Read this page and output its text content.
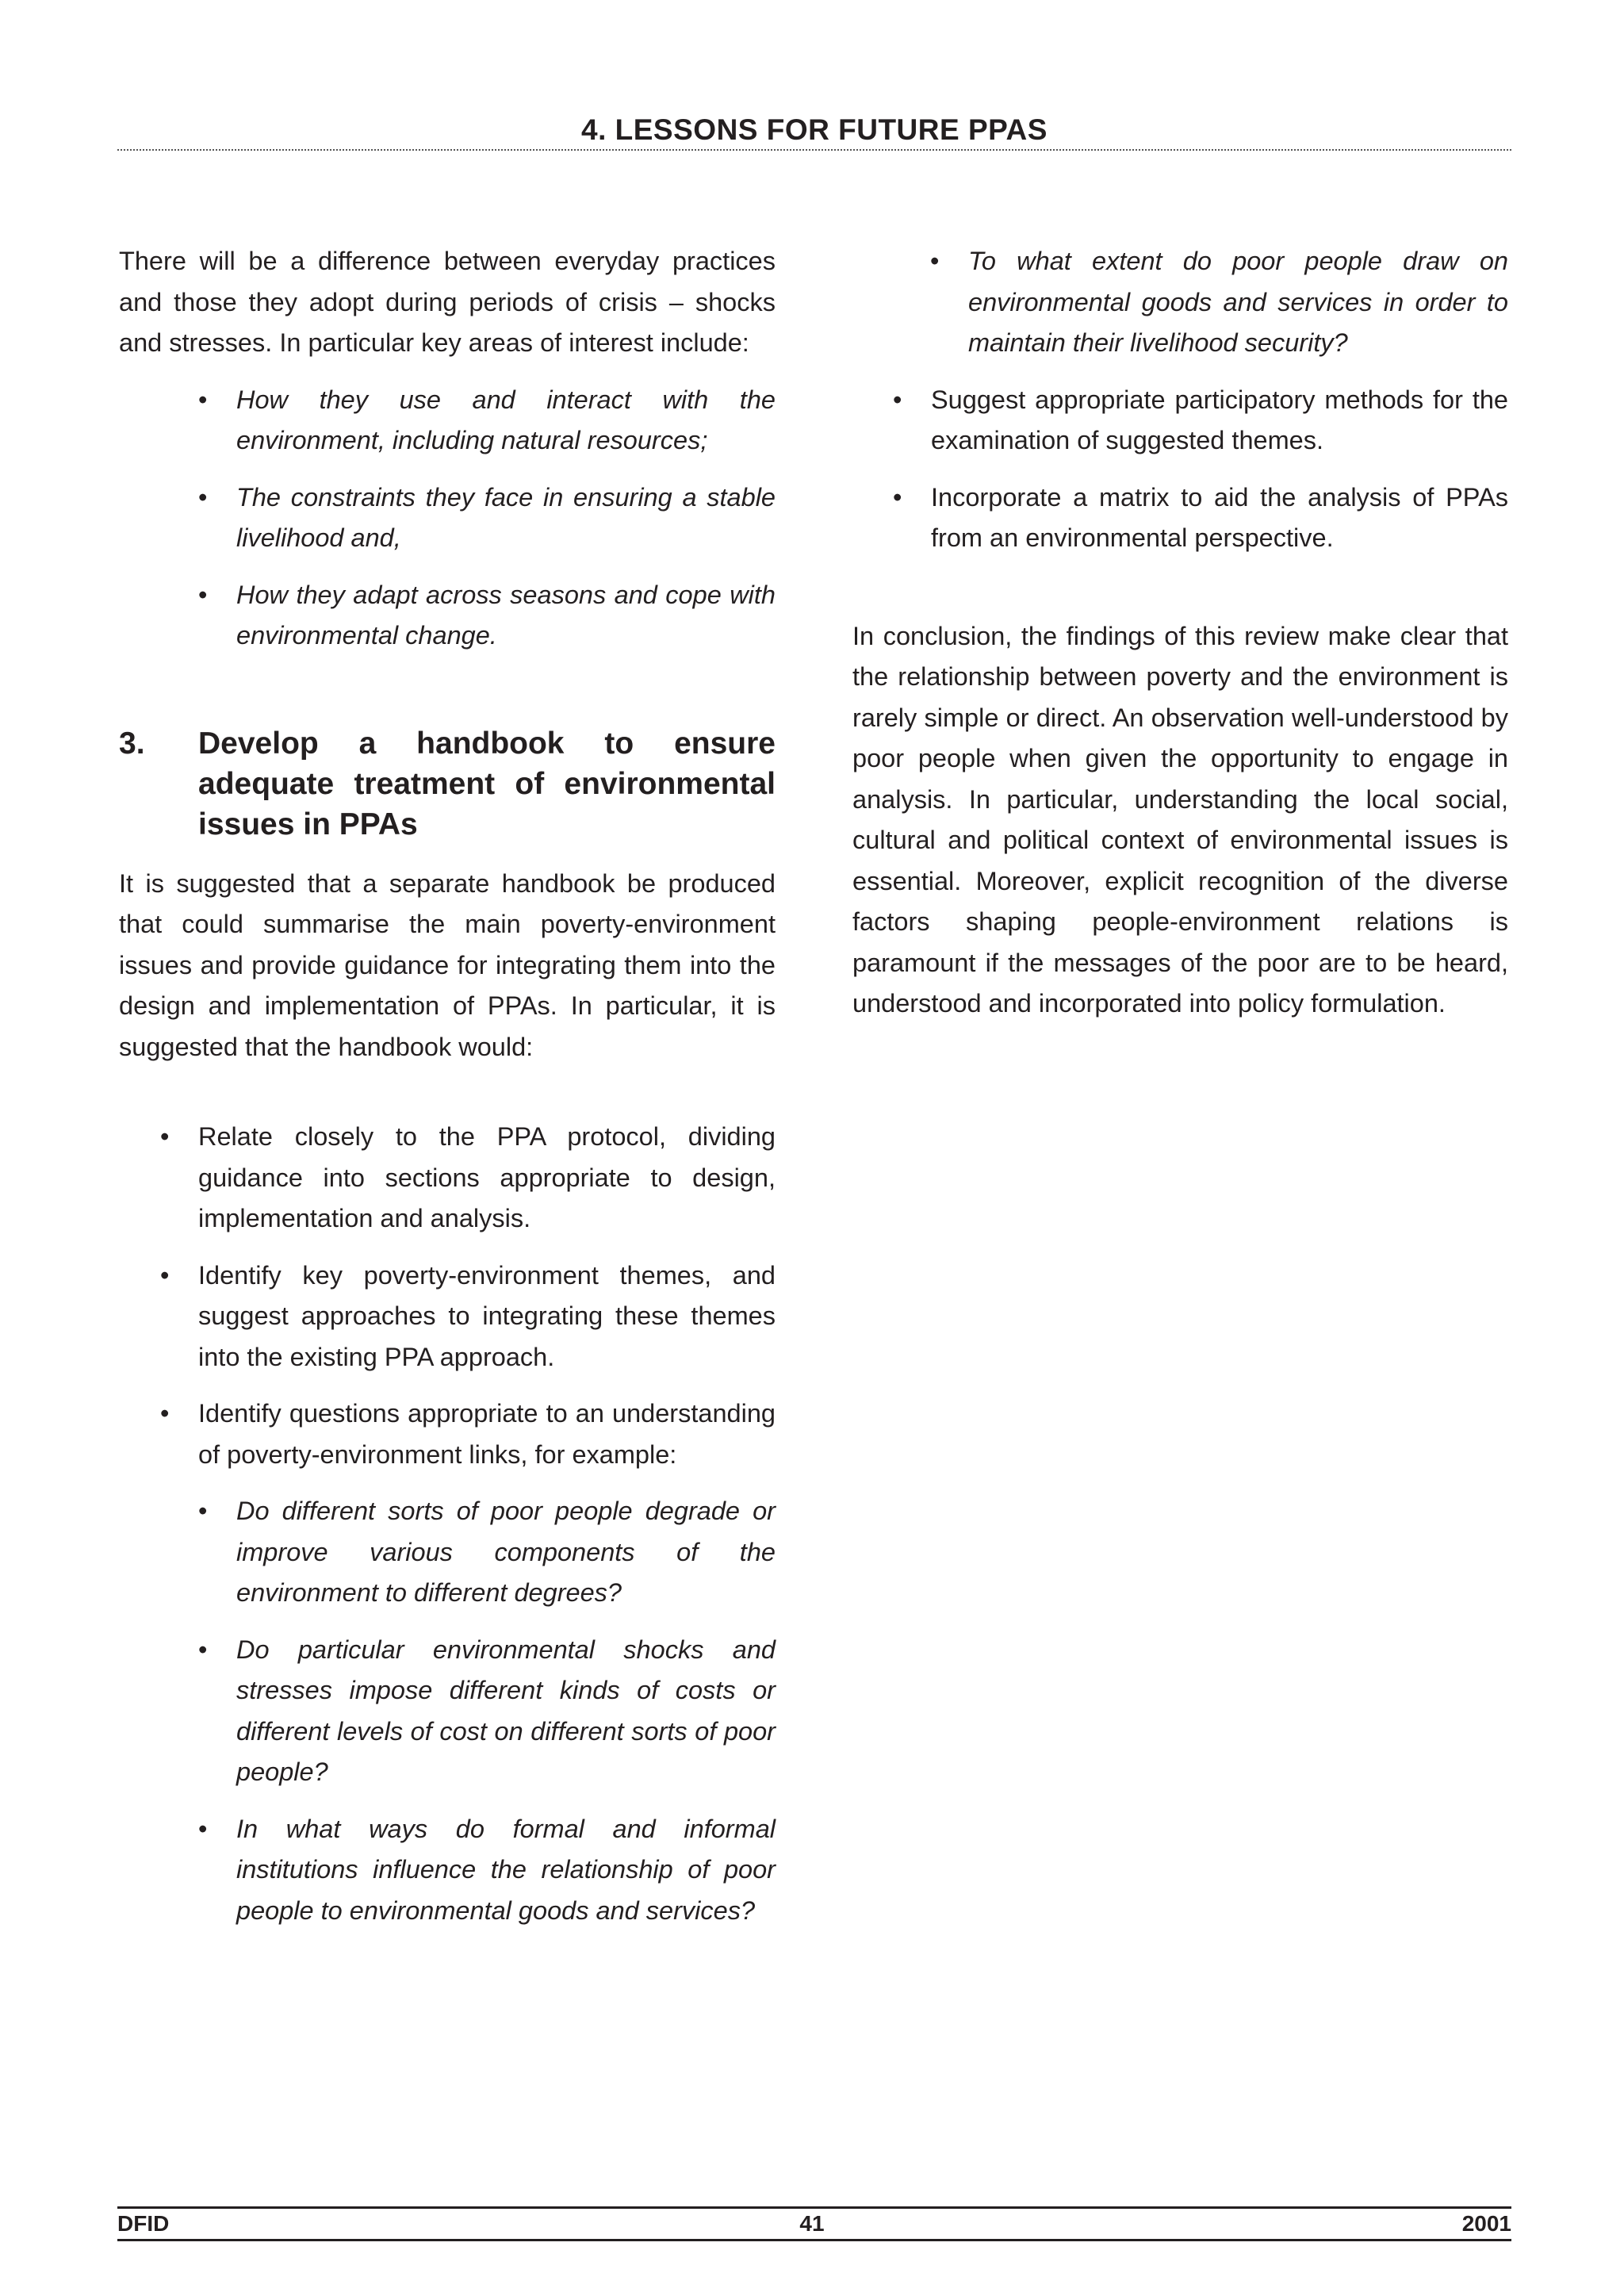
4. LESSONS FOR FUTURE PPAS

There will be a difference between everyday practices and those they adopt during periods of crisis – shocks and stresses. In particular key areas of interest include:

• How they use and interact with the environment, including natural resources;
• The constraints they face in ensuring a stable livelihood and,
• How they adapt across seasons and cope with environmental change.
3. Develop a handbook to ensure adequate treatment of environmental issues in PPAs

It is suggested that a separate handbook be produced that could summarise the main poverty-environment issues and provide guidance for integrating them into the design and implementation of PPAs. In particular, it is suggested that the handbook would:

• Relate closely to the PPA protocol, dividing guidance into sections appropriate to design, implementation and analysis.
• Identify key poverty-environment themes, and suggest approaches to integrating these themes into the existing PPA approach.
• Identify questions appropriate to an understanding of poverty-environment links, for example:
• Do different sorts of poor people degrade or improve various components of the environment to different degrees?
• Do particular environmental shocks and stresses impose different kinds of costs or different levels of cost on different sorts of poor people?
• In what ways do formal and informal institutions influence the relationship of poor people to environmental goods and services?
• To what extent do poor people draw on environmental goods and services in order to maintain their livelihood security?
• Suggest appropriate participatory methods for the examination of suggested themes.
• Incorporate a matrix to aid the analysis of PPAs from an environmental perspective.

In conclusion, the findings of this review make clear that the relationship between poverty and the environment is rarely simple or direct. An observation well-understood by poor people when given the opportunity to engage in analysis. In particular, understanding the local social, cultural and political context of environmental issues is essential. Moreover, explicit recognition of the diverse factors shaping people-environment relations is paramount if the messages of the poor are to be heard, understood and incorporated into policy formulation.

DFID	41	2001
